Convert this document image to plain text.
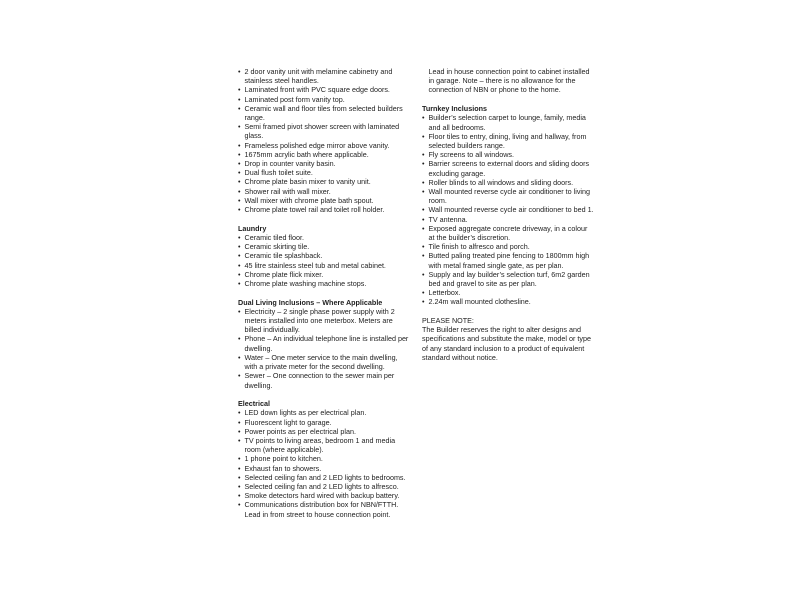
• 2 door vanity unit with melamine cabinetry and stainless steel handles.
• Laminated front with PVC square edge doors.
• Laminated post form vanity top.
• Ceramic wall and floor tiles from selected builders range.
• Semi framed pivot shower screen with laminated glass.
• Frameless polished edge mirror above vanity.
• 1675mm acrylic bath where applicable.
• Drop in counter vanity basin.
• Dual flush toilet suite.
• Chrome plate basin mixer to vanity unit.
• Shower rail with wall mixer.
• Wall mixer with chrome plate bath spout.
• Chrome plate towel rail and toilet roll holder.
Laundry
• Ceramic tiled floor.
• Ceramic skirting tile.
• Ceramic tile splashback.
• 45 litre stainless steel tub and metal cabinet.
• Chrome plate flick mixer.
• Chrome plate washing machine stops.
Dual Living Inclusions – Where Applicable
• Electricity – 2 single phase power supply with 2 meters installed into one meterbox. Meters are billed individually.
• Phone – An individual telephone line is installed per dwelling.
• Water – One meter service to the main dwelling, with a private meter for the second dwelling.
• Sewer – One connection to the sewer main per dwelling.
Electrical
• LED down lights as per electrical plan.
• Fluorescent light to garage.
• Power points as per electrical plan.
• TV points to living areas, bedroom 1 and media room (where applicable).
• 1 phone point to kitchen.
• Exhaust fan to showers.
• Selected ceiling fan and 2 LED lights to bedrooms.
• Selected ceiling fan and 2 LED lights to alfresco.
• Smoke detectors hard wired with backup battery.
• Communications distribution box for NBN/FTTH. Lead in from street to house connection point.
Lead in house connection point to cabinet installed in garage. Note – there is no allowance for the connection of NBN or phone to the home.
Turnkey Inclusions
• Builder’s selection carpet to lounge, family, media and all bedrooms.
• Floor tiles to entry, dining, living and hallway, from selected builders range.
• Fly screens to all windows.
• Barrier screens to external doors and sliding doors excluding garage.
• Roller blinds to all windows and sliding doors.
• Wall mounted reverse cycle air conditioner to living room.
• Wall mounted reverse cycle air conditioner to bed 1.
• TV antenna.
• Exposed aggregate concrete driveway, in a colour at the builder’s discretion.
• Tile finish to alfresco and porch.
• Butted paling treated pine fencing to 1800mm high with metal framed single gate, as per plan.
• Supply and lay builder’s selection turf, 6m2 garden bed and gravel to site as per plan.
• Letterbox.
• 2.24m wall mounted clothesline.
PLEASE NOTE:
The Builder reserves the right to alter designs and specifications and substitute the make, model or type of any standard inclusion to a product of equivalent standard without notice.
